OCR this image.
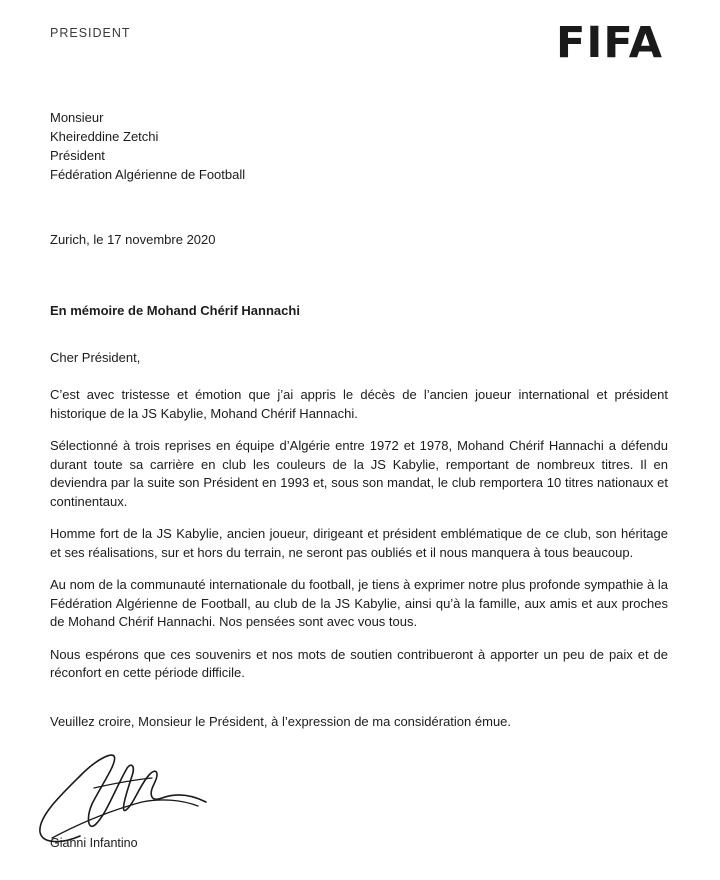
PRESIDENT	FIFA
Monsieur
Kheireddine Zetchi
Président
Fédération Algérienne de Football
Zurich, le 17 novembre 2020
En mémoire de Mohand Chérif Hannachi
Cher Président,

C’est avec tristesse et émotion que j’ai appris le décès de l’ancien joueur international et président historique de la JS Kabylie, Mohand Chérif Hannachi.

Sélectionné à trois reprises en équipe d’Algérie entre 1972 et 1978, Mohand Chérif Hannachi a défendu durant toute sa carrière en club les couleurs de la JS Kabylie, remportant de nombreux titres. Il en deviendra par la suite son Président en 1993 et, sous son mandat, le club remportera 10 titres nationaux et continentaux.

Homme fort de la JS Kabylie, ancien joueur, dirigeant et président emblématique de ce club, son héritage et ses réalisations, sur et hors du terrain, ne seront pas oubliés et il nous manquera à tous beaucoup.

Au nom de la communauté internationale du football, je tiens à exprimer notre plus profonde sympathie à la Fédération Algérienne de Football, au club de la JS Kabylie, ainsi qu’à la famille, aux amis et aux proches de Mohand Chérif Hannachi. Nos pensées sont avec vous tous.

Nous espérons que ces souvenirs et nos mots de soutien contribueront à apporter un peu de paix et de réconfort en cette période difficile.

Veuillez croire, Monsieur le Président, à l’expression de ma considération émue.
Gianni Infantino
